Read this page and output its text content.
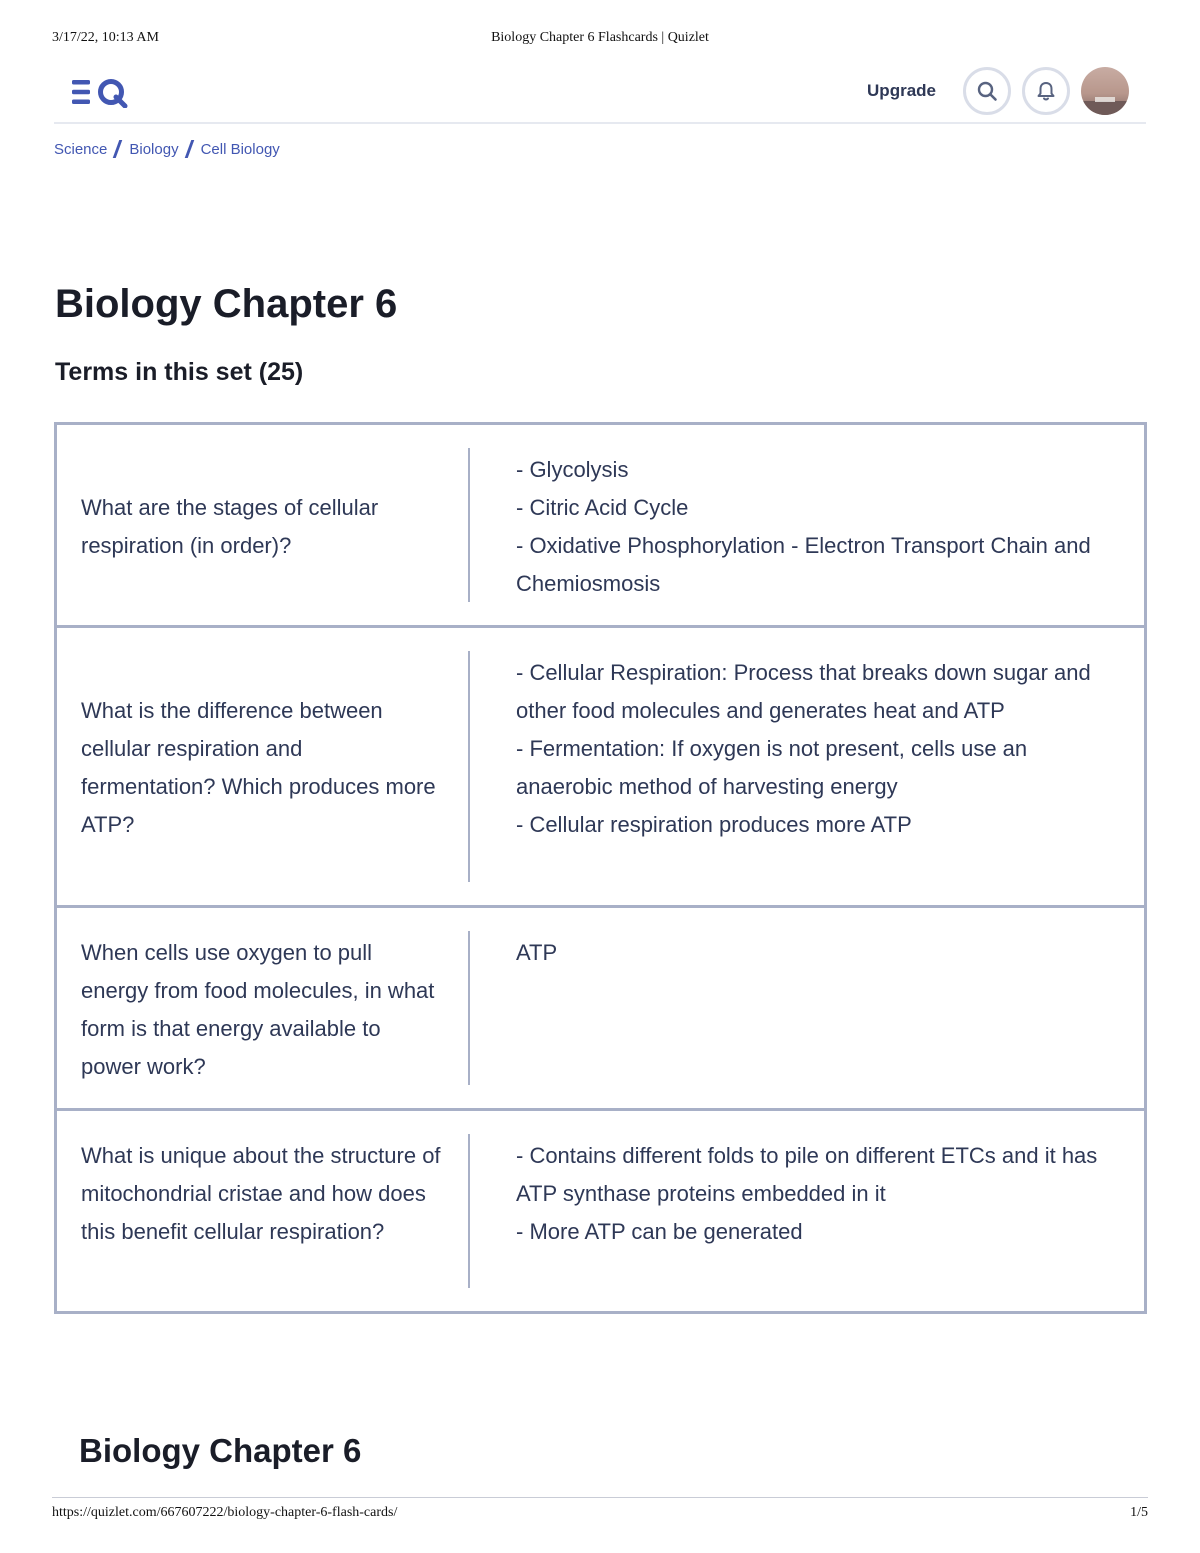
3/17/22, 10:13 AM	Biology Chapter 6 Flashcards | Quizlet
Upgrade
Science Biology Cell Biology
Biology Chapter 6
Terms in this set (25)
What are the stages of cellular respiration (in order)?
- Glycolysis
- Citric Acid Cycle
- Oxidative Phosphorylation - Electron Transport Chain and Chemiosmosis
What is the difference between cellular respiration and fermentation? Which produces more ATP?
- Cellular Respiration: Process that breaks down sugar and other food molecules and generates heat and ATP
- Fermentation: If oxygen is not present, cells use an anaerobic method of harvesting energy
- Cellular respiration produces more ATP
When cells use oxygen to pull energy from food molecules, in what form is that energy available to power work?
ATP
What is unique about the structure of mitochondrial cristae and how does this benefit cellular respiration?
- Contains different folds to pile on different ETCs and it has ATP synthase proteins embedded in it
- More ATP can be generated
Biology Chapter 6
https://quizlet.com/667607222/biology-chapter-6-flash-cards/	1/5
